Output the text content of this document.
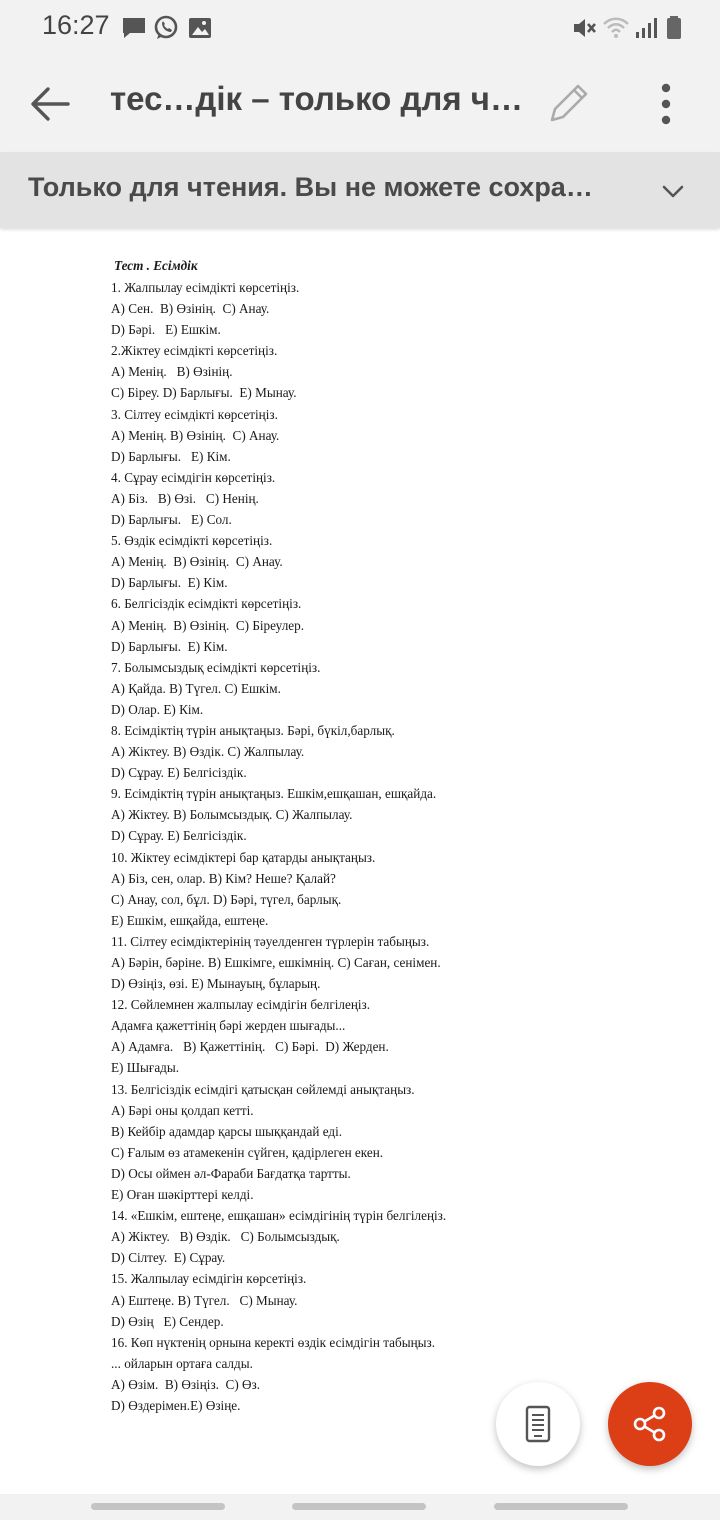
16:27
тес…дік – только для ч…
Только для чтения. Вы не можете сохра…
Тест . Есімдік
1. Жалпылау есімдікті көрсетіңіз.
A) Сен.  B) Өзінің.  C) Анау.
D) Бәрі.   E) Ешкім.
2.Жіктеу есімдікті көрсетіңіз.
A) Менің.   B) Өзінің.
C) Біреу. D) Барлығы.  E) Мынау.
3. Сілтеу есімдікті көрсетіңіз.
A) Менің. B) Өзінің.  C) Анау.
D) Барлығы.   E) Кім.
4. Сұрау есімдігін көрсетіңіз.
A) Біз.   B) Өзі.   C) Ненің.
D) Барлығы.   E) Сол.
5. Өздік есімдікті көрсетіңіз.
A) Менің.  B) Өзінің.  C) Анау.
D) Барлығы.  E) Кім.
6. Белгісіздік есімдікті көрсетіңіз.
A) Менің.  B) Өзінің.  C) Біреулер.
D) Барлығы.  E) Кім.
7. Болымсыздық есімдікті көрсетіңіз.
A) Қайда. B) Түгел. C) Ешкім.
D) Олар. E) Кім.
8. Есімдіктің түрін анықтаңыз. Бәрі, бүкіл,барлық.
A) Жіктеу. B) Өздік. C) Жалпылау.
D) Сұрау. E) Белгісіздік.
9. Есімдіктің түрін анықтаңыз. Ешкім,ешқашан, ешқайда.
A) Жіктеу. B) Болымсыздық. C) Жалпылау.
D) Сұрау. E) Белгісіздік.
10. Жіктеу есімдіктері бар қатарды анықтаңыз.
A) Біз, сен, олар. B) Кім? Неше? Қалай?
C) Анау, сол, бұл. D) Бәрі, түгел, барлық.
E) Ешкім, ешқайда, ештеңе.
11. Сілтеу есімдіктерінің тәуелденген түрлерін табыңыз.
A) Бәрін, бәріне. B) Ешкімге, ешкімнің. C) Саған, сенімен.
D) Өзіңіз, өзі. E) Мынауың, бұларың.
12. Сөйлемнен жалпылау есімдігін белгілеңіз.
Адамға қажеттінің бәрі жерден шығады...
A) Адамға.   B) Қажеттінің.   C) Бәрі.  D) Жерден.
E) Шығады.
13. Белгісіздік есімдігі қатысқан сөйлемді анықтаңыз.
A) Бәрі оны қолдап кетті.
B) Кейбір адамдар қарсы шыққандай еді.
C) Ғалым өз атамекенін сүйген, қадірлеген екен.
D) Осы оймен әл-Фараби Бағдатқа тартты.
E) Оған шәкірттері келді.
14. «Ешкім, ештеңе, ешқашан» есімдігінің түрін белгілеңіз.
A) Жіктеу.   B) Өздік.   C) Болымсыздық.
D) Сілтеу.  E) Сұрау.
15. Жалпылау есімдігін көрсетіңіз.
A) Ештеңе. B) Түгел.   C) Мынау.
D) Өзің   E) Сендер.
16. Көп нүктенің орнына керекті өздік есімдігін табыңыз.
... ойларын ортаға салды.
A) Өзім.  B) Өзіңіз.  C) Өз.
D) Өздерімен.E) Өзіңе.
